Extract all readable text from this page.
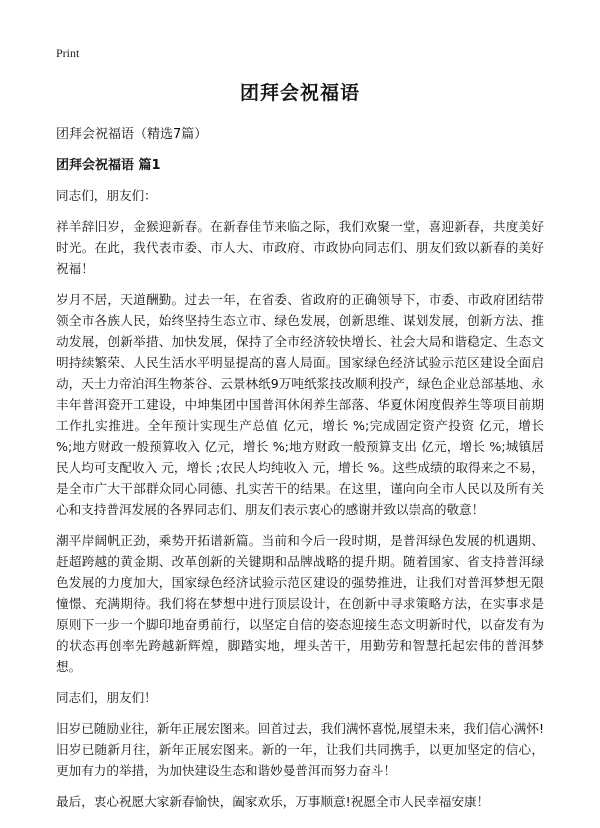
Print
团拜会祝福语
团拜会祝福语（精选7篇）
团拜会祝福语 篇1

同志们，朋友们：

祥羊辞旧岁，金猴迎新春。在新春佳节来临之际，我们欢聚一堂，喜迎新春，共度美好时光。在此，我代表市委、市人大、市政府、市政协向同志们、朋友们致以新春的美好祝福！

岁月不居，天道酬勤。过去一年，在省委、省政府的正确领导下，市委、市政府团结带领全市各族人民，始终坚持生态立市、绿色发展，创新思维、谋划发展，创新方法、推动发展，创新举措、加快发展，保持了全市经济较快增长、社会大局和谐稳定、生态文明持续繁荣、人民生活水平明显提高的喜人局面。国家绿色经济试验示范区建设全面启动，天士力帝泊洱生物茶谷、云景林纸9万吨纸浆技改顺利投产，绿色企业总部基地、永丰年普洱瓷开工建设，中坤集团中国普洱休闲养生部落、华夏休闲度假养生等项目前期工作扎实推进。全年预计实现生产总值 亿元，增长 %;完成固定资产投资 亿元，增长 %;地方财政一般预算收入 亿元，增长 %;地方财政一般预算支出 亿元，增长 %;城镇居民人均可支配收入 元，增长 ;农民人均纯收入 元，增长 %。这些成绩的取得来之不易，是全市广大干部群众同心同德、扎实苦干的结果。在这里，谨向向全市人民以及所有关心和支持普洱发展的各界同志们、朋友们表示衷心的感谢并致以崇高的敬意！

潮平岸阔帆正劲，乘势开拓谱新篇。当前和今后一段时期，是普洱绿色发展的机遇期、赶超跨越的黄金期、改革创新的关键期和品牌战略的提升期。随着国家、省支持普洱绿色发展的力度加大，国家绿色经济试验示范区建设的强势推进，让我们对普洱梦想无限憧憬、充满期待。我们将在梦想中进行顶层设计，在创新中寻求策略方法，在实事求是原则下一步一个脚印地奋勇前行，以坚定自信的姿态迎接生态文明新时代，以奋发有为的状态再创率先跨越新辉煌，脚踏实地，埋头苦干，用勤劳和智慧托起宏伟的普洱梦想。

同志们，朋友们！

旧岁已随励业往，新年正展宏图来。回首过去，我们满怀喜悦,展望未来，我们信心满怀!旧岁已随新月往，新年正展宏图来。新的一年，让我们共同携手，以更加坚定的信心，更加有力的举措，为加快建设生态和谐妙曼普洱而努力奋斗！

最后，衷心祝愿大家新春愉快，阖家欢乐，万事顺意!祝愿全市人民幸福安康！
